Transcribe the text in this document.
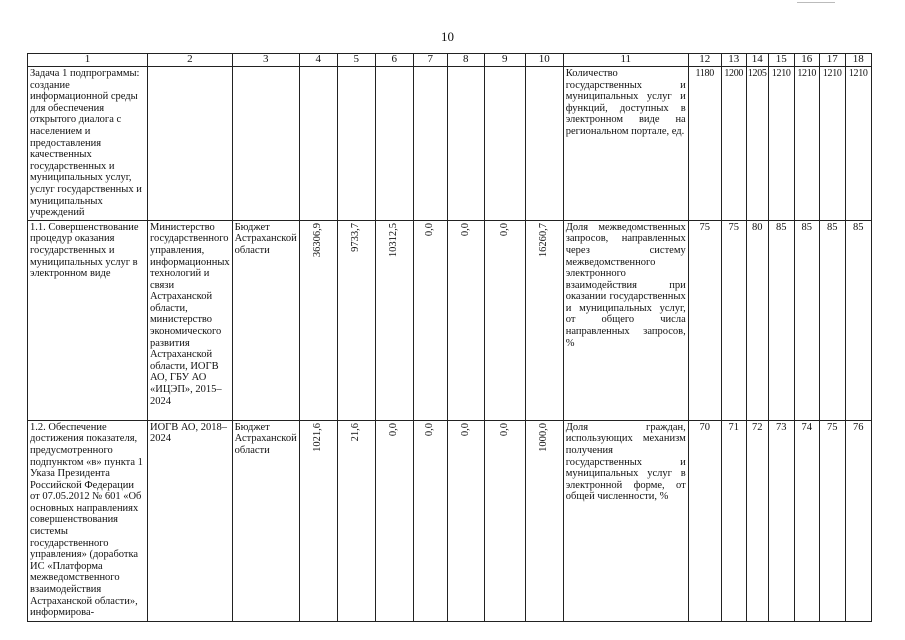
10
1	2	3	4	5	6	7	8	9	10	11	12	13	14	15	16	17	18
Задача 1 подпрограммы: создание информационной среды для обеспечения открытого диалога с населением и предоставления качественных государственных и муниципальных услуг, услуг государственных и муниципальных учреждений										Количество государственных и муниципальных услуг и функций, доступных в электронном виде на региональном портале, ед.	1180	1200	1205	1210	1210	1210	1210
1.1. Совершенствование процедур оказания государственных и муниципальных услуг в электронном виде	Министерство государственного управления, информационных технологий и связи Астраханской области, министерство экономического развития Астраханской области, ИОГВ АО, ГБУ АО «ИЦЭП», 2015–2024	Бюджет Астраханской области	36306,9	9733,7	10312,5	0,0	0,0	0,0	16260,7	Доля межведомственных запросов, направленных через систему межведомственного электронного взаимодействия при оказании государственных и муниципальных услуг, от общего числа направленных запросов, %	75	75	80	85	85	85	85
1.2. Обеспечение достижения показателя, предусмотренного подпунктом «в» пункта 1 Указа Президента Российской Федерации от 07.05.2012 № 601 «Об основных направлениях совершенствования системы государственного управления» (доработка ИС «Платформа межведомственного взаимодействия Астраханской области», информирова-	ИОГВ АО, 2018–2024	Бюджет Астраханской области	1021,6	21,6	0,0	0,0	0,0	0,0	1000,0	Доля граждан, использующих механизм получения государственных и муниципальных услуг в электронной форме, от общей численности, %	70	71	72	73	74	75	76
